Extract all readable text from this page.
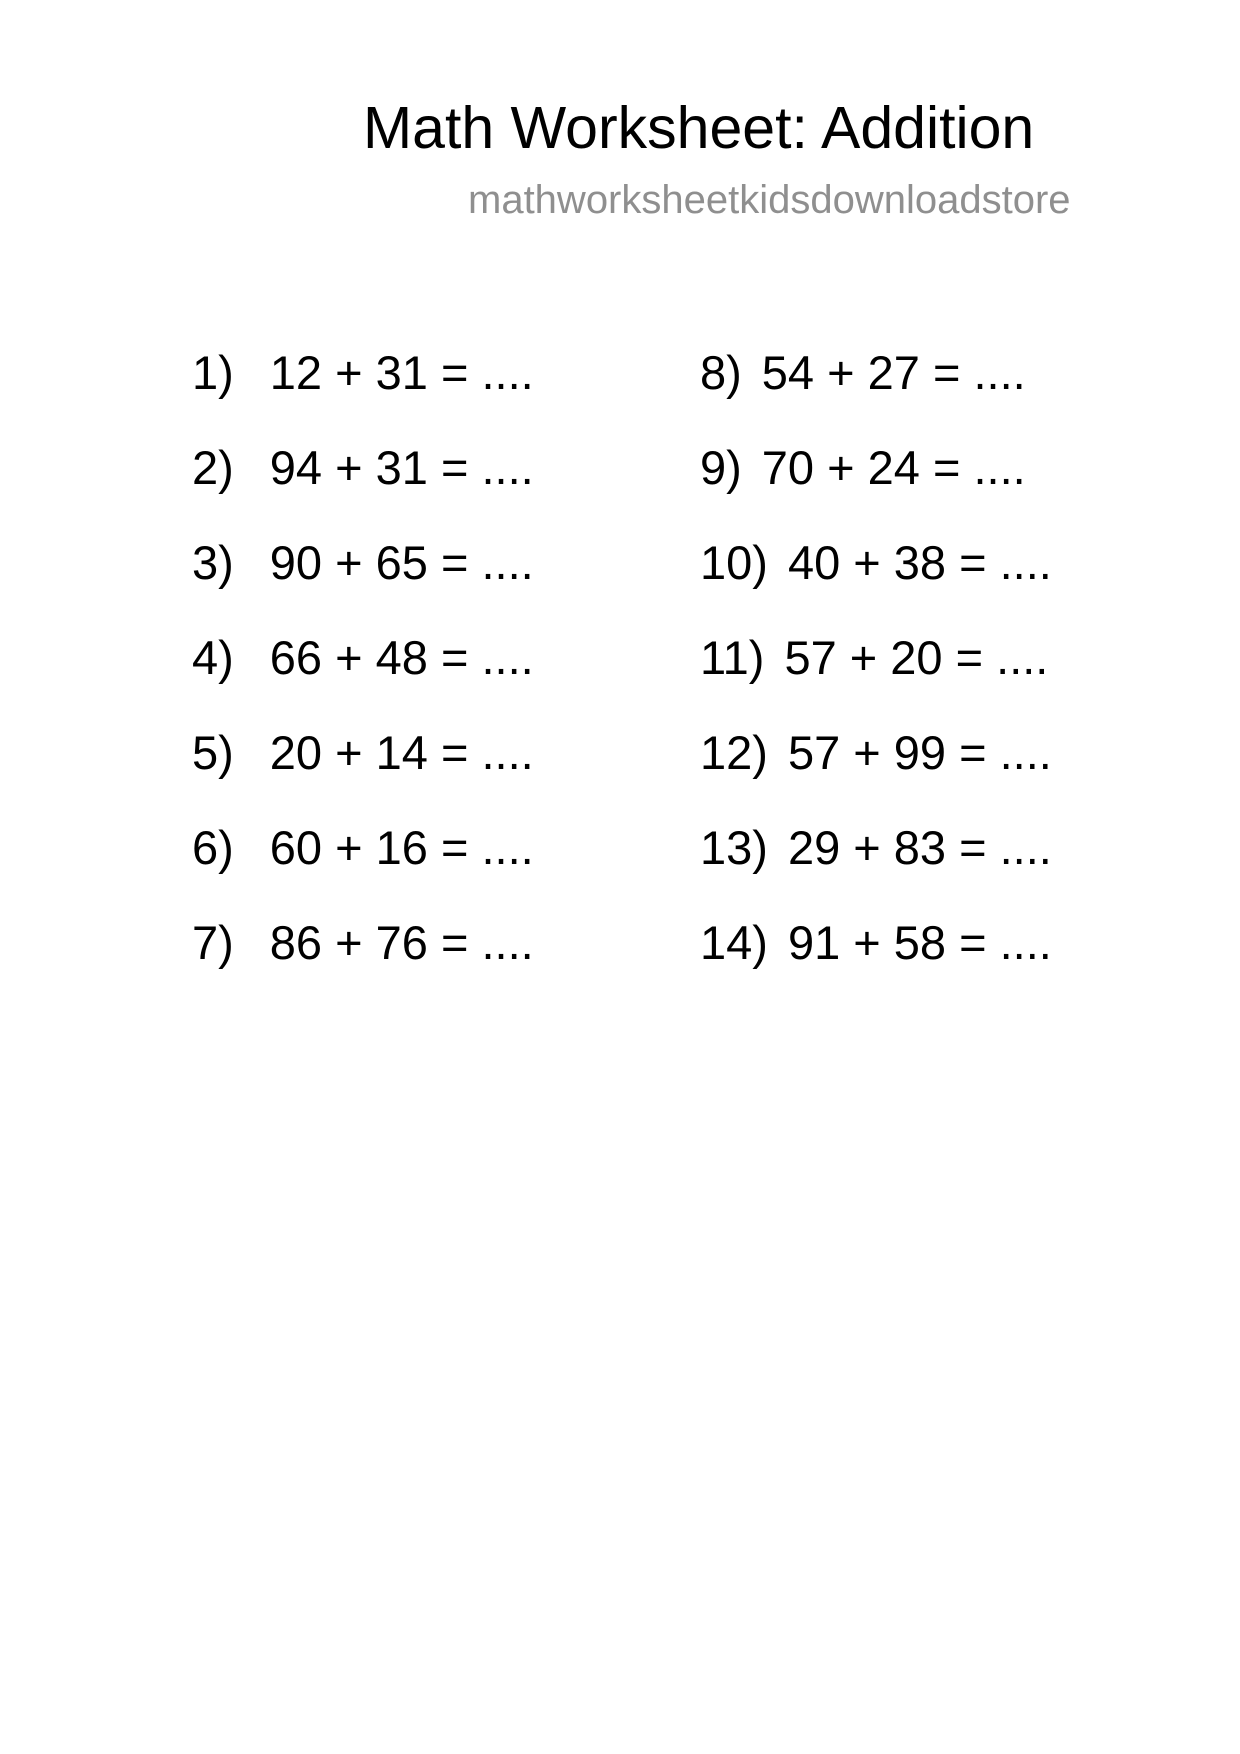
Math Worksheet: Addition
mathworksheetkidsdownloadstore
1) 12 + 31 = ....
2) 94 + 31 = ....
3) 90 + 65 = ....
4) 66 + 48 = ....
5) 20 + 14 = ....
6) 60 + 16 = ....
7) 86 + 76 = ....
8) 54 + 27 = ....
9) 70 + 24 = ....
10) 40 + 38 = ....
11) 57 + 20 = ....
12) 57 + 99 = ....
13) 29 + 83 = ....
14) 91 + 58 = ....
